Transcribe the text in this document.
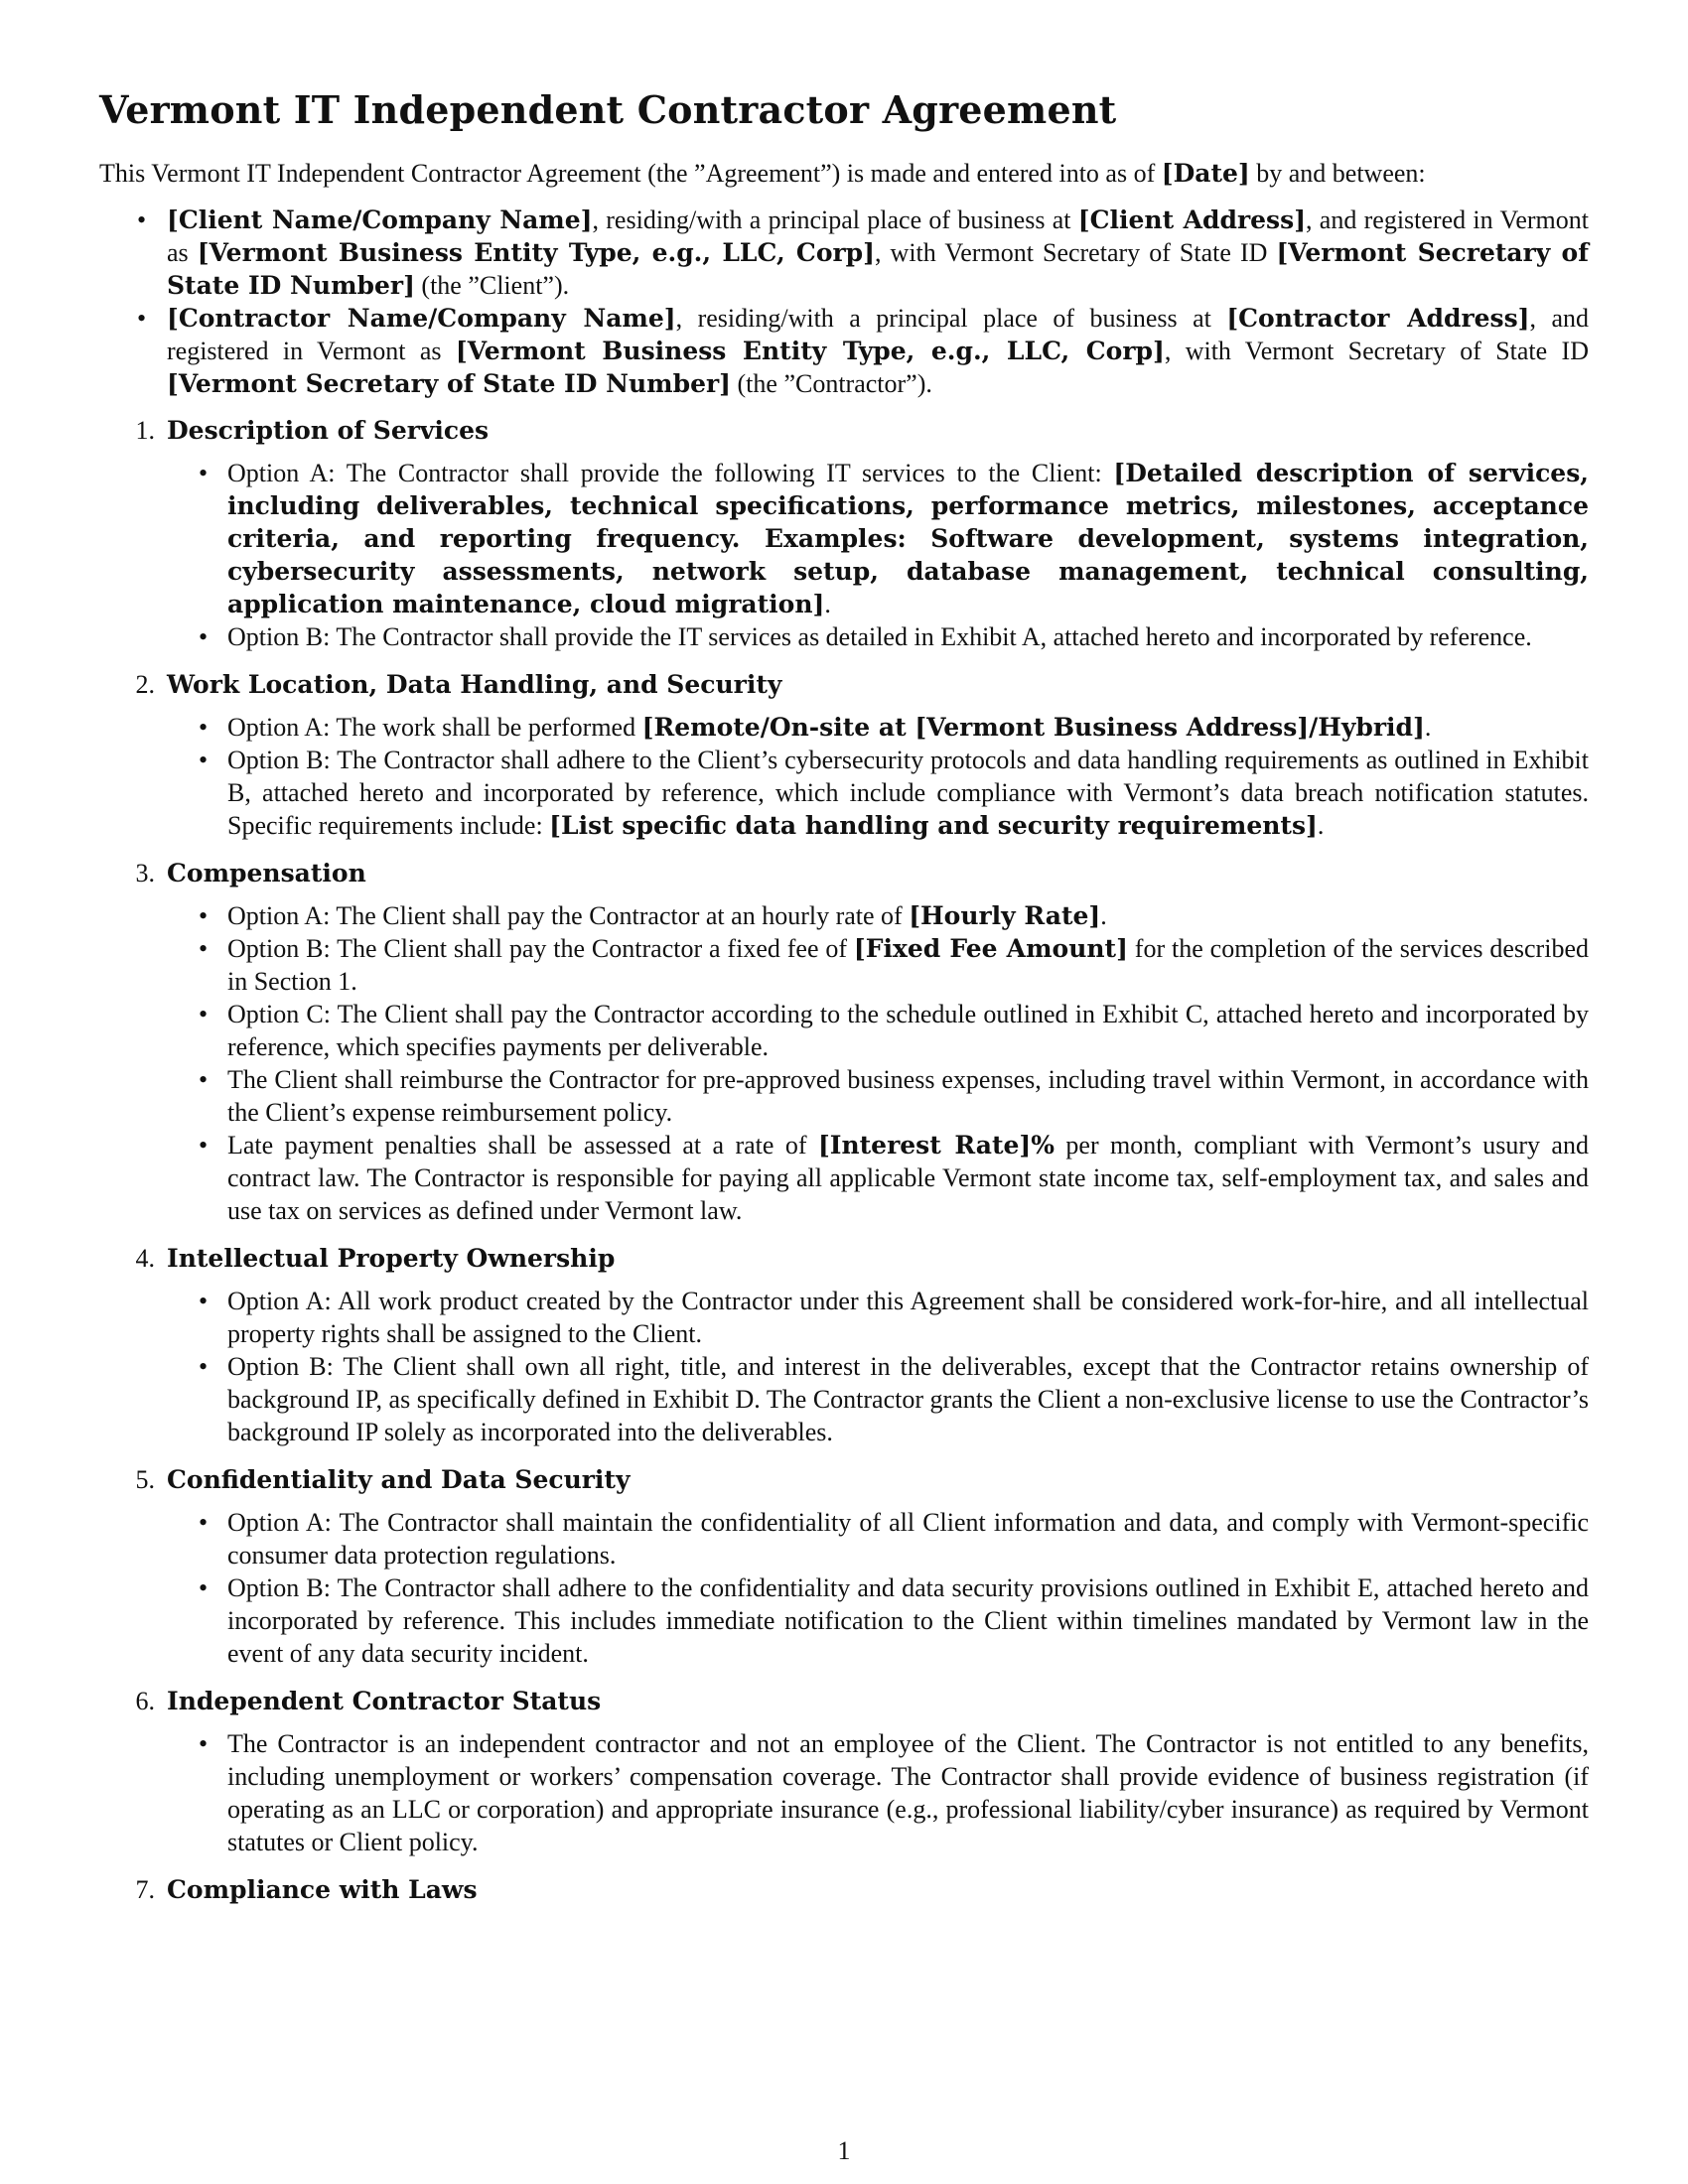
Vermont IT Independent Contractor Agreement

This Vermont IT Independent Contractor Agreement (the ”Agreement”) is made and entered into as of [Date] by and between:

• [Client Name/Company Name], residing/with a principal place of business at [Client Address], and registered in Vermont as [Vermont Business Entity Type, e.g., LLC, Corp], with Vermont Secretary of State ID [Vermont Secretary of State ID Number] (the ”Client”).
• [Contractor Name/Company Name], residing/with a principal place of business at [Contractor Address], and registered in Vermont as [Vermont Business Entity Type, e.g., LLC, Corp], with Vermont Secretary of State ID [Vermont Secretary of State ID Number] (the ”Contractor”).
1. Description of Services
• Option A: The Contractor shall provide the following IT services to the Client: [Detailed description of services, including deliverables, technical specifications, performance metrics, milestones, acceptance criteria, and reporting frequency. Examples: Software development, systems integration, cybersecurity assessments, network setup, database management, technical consulting, application maintenance, cloud migration].
• Option B: The Contractor shall provide the IT services as detailed in Exhibit A, attached hereto and incorporated by reference.
2. Work Location, Data Handling, and Security
• Option A: The work shall be performed [Remote/On-site at [Vermont Business Address]/Hybrid].
• Option B: The Contractor shall adhere to the Client’s cybersecurity protocols and data handling requirements as outlined in Exhibit B, attached hereto and incorporated by reference, which include compliance with Vermont’s data breach notification statutes. Specific requirements include: [List specific data handling and security requirements].
3. Compensation
• Option A: The Client shall pay the Contractor at an hourly rate of [Hourly Rate].
• Option B: The Client shall pay the Contractor a fixed fee of [Fixed Fee Amount] for the completion of the services described in Section 1.
• Option C: The Client shall pay the Contractor according to the schedule outlined in Exhibit C, attached hereto and incorporated by reference, which specifies payments per deliverable.
• The Client shall reimburse the Contractor for pre-approved business expenses, including travel within Vermont, in accordance with the Client’s expense reimbursement policy.
• Late payment penalties shall be assessed at a rate of [Interest Rate]% per month, compliant with Vermont’s usury and contract law. The Contractor is responsible for paying all applicable Vermont state income tax, self-employment tax, and sales and use tax on services as defined under Vermont law.
4. Intellectual Property Ownership
• Option A: All work product created by the Contractor under this Agreement shall be considered work-for-hire, and all intellectual property rights shall be assigned to the Client.
• Option B: The Client shall own all right, title, and interest in the deliverables, except that the Contractor retains ownership of background IP, as specifically defined in Exhibit D. The Contractor grants the Client a non-exclusive license to use the Contractor’s background IP solely as incorporated into the deliverables.
5. Confidentiality and Data Security
• Option A: The Contractor shall maintain the confidentiality of all Client information and data, and comply with Vermont-specific consumer data protection regulations.
• Option B: The Contractor shall adhere to the confidentiality and data security provisions outlined in Exhibit E, attached hereto and incorporated by reference. This includes immediate notification to the Client within timelines mandated by Vermont law in the event of any data security incident.
6. Independent Contractor Status
• The Contractor is an independent contractor and not an employee of the Client. The Contractor is not entitled to any benefits, including unemployment or workers’ compensation coverage. The Contractor shall provide evidence of business registration (if operating as an LLC or corporation) and appropriate insurance (e.g., professional liability/cyber insurance) as required by Vermont statutes or Client policy.
7. Compliance with Laws
1
